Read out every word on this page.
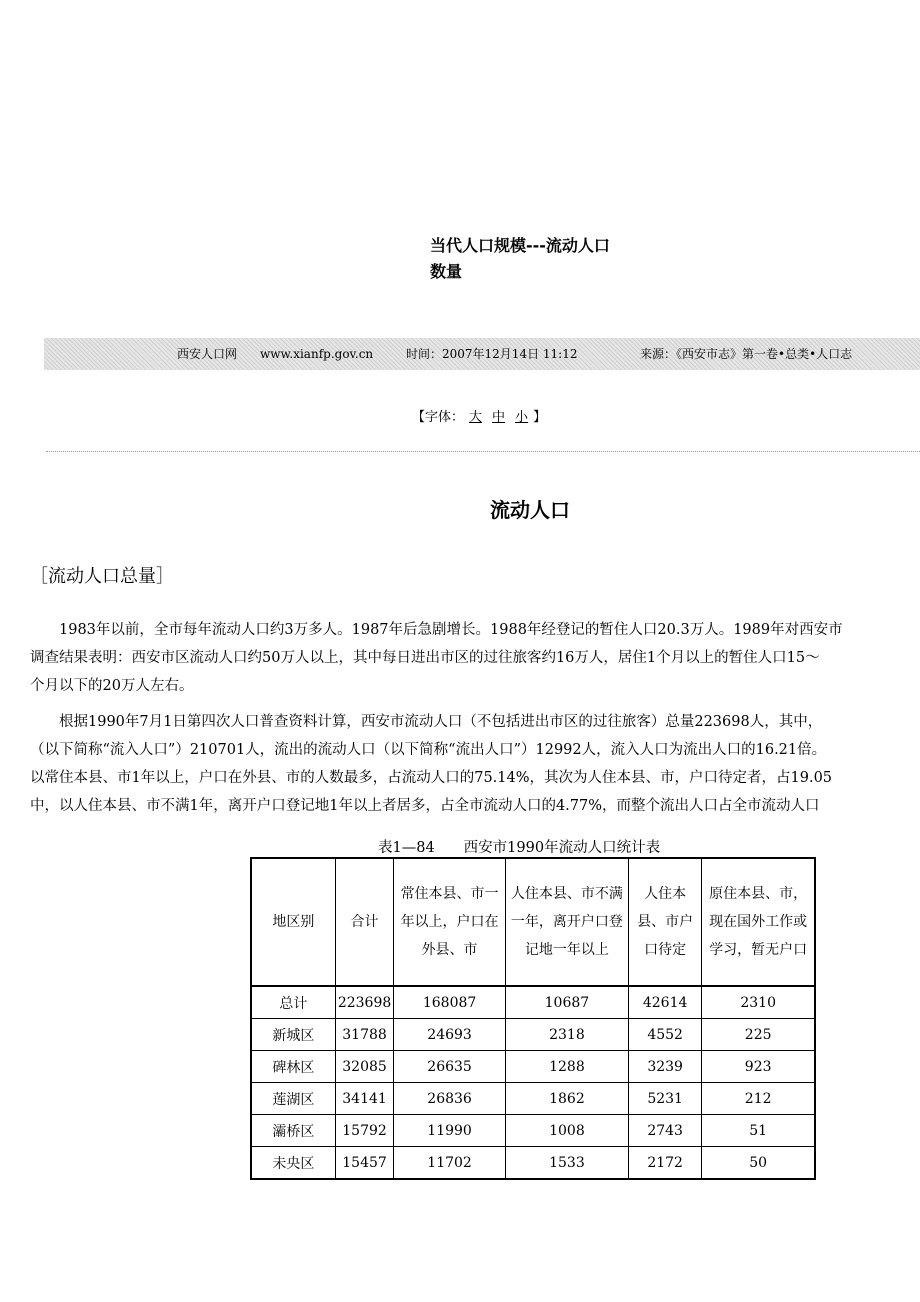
当代人口规模---流动人口
数量
西安人口网 www.xianfp.gov.cn	时间：2007年12月14日 11:12	来源：《西安市志》第一卷•总类•人口志
【字体： 大 中 小 】
流动人口
［流动人口总量］
　　1983年以前，全市每年流动人口约3万多人。1987年后急剧增长。1988年经登记的暂住人口20.3万人。1989年对西安市
调查结果表明：西安市区流动人口约50万人以上，其中每日进出市区的过往旅客约16万人，居住1个月以上的暂住人口15～
个月以下的20万人左右。
　　根据1990年7月1日第四次人口普查资料计算，西安市流动人口（不包括进出市区的过往旅客）总量223698人，其中，
（以下简称“流入人口”）210701人，流出的流动人口（以下简称“流出人口”）12992人，流入人口为流出人口的16.21倍。
以常住本县、市1年以上，户口在外县、市的人数最多，占流动人口的75.14%，其次为人住本县、市，户口待定者，占19.05
中，以人住本县、市不满1年，离开户口登记地1年以上者居多，占全市流动人口的4.77%，而整个流出人口占全市流动人口
表1—84　　西安市1990年流动人口统计表
地区别	合计	常住本县、市一年以上，户口在外县、市	人住本县、市不满一年，离开户口登记地一年以上	人住本县、市户口待定	原住本县、市，现在国外工作或学习，暂无户口
总计	223698	168087	10687	42614	2310
新城区	31788	24693	2318	4552	225
碑林区	32085	26635	1288	3239	923
莲湖区	34141	26836	1862	5231	212
灞桥区	15792	11990	1008	2743	51
未央区	15457	11702	1533	2172	50
